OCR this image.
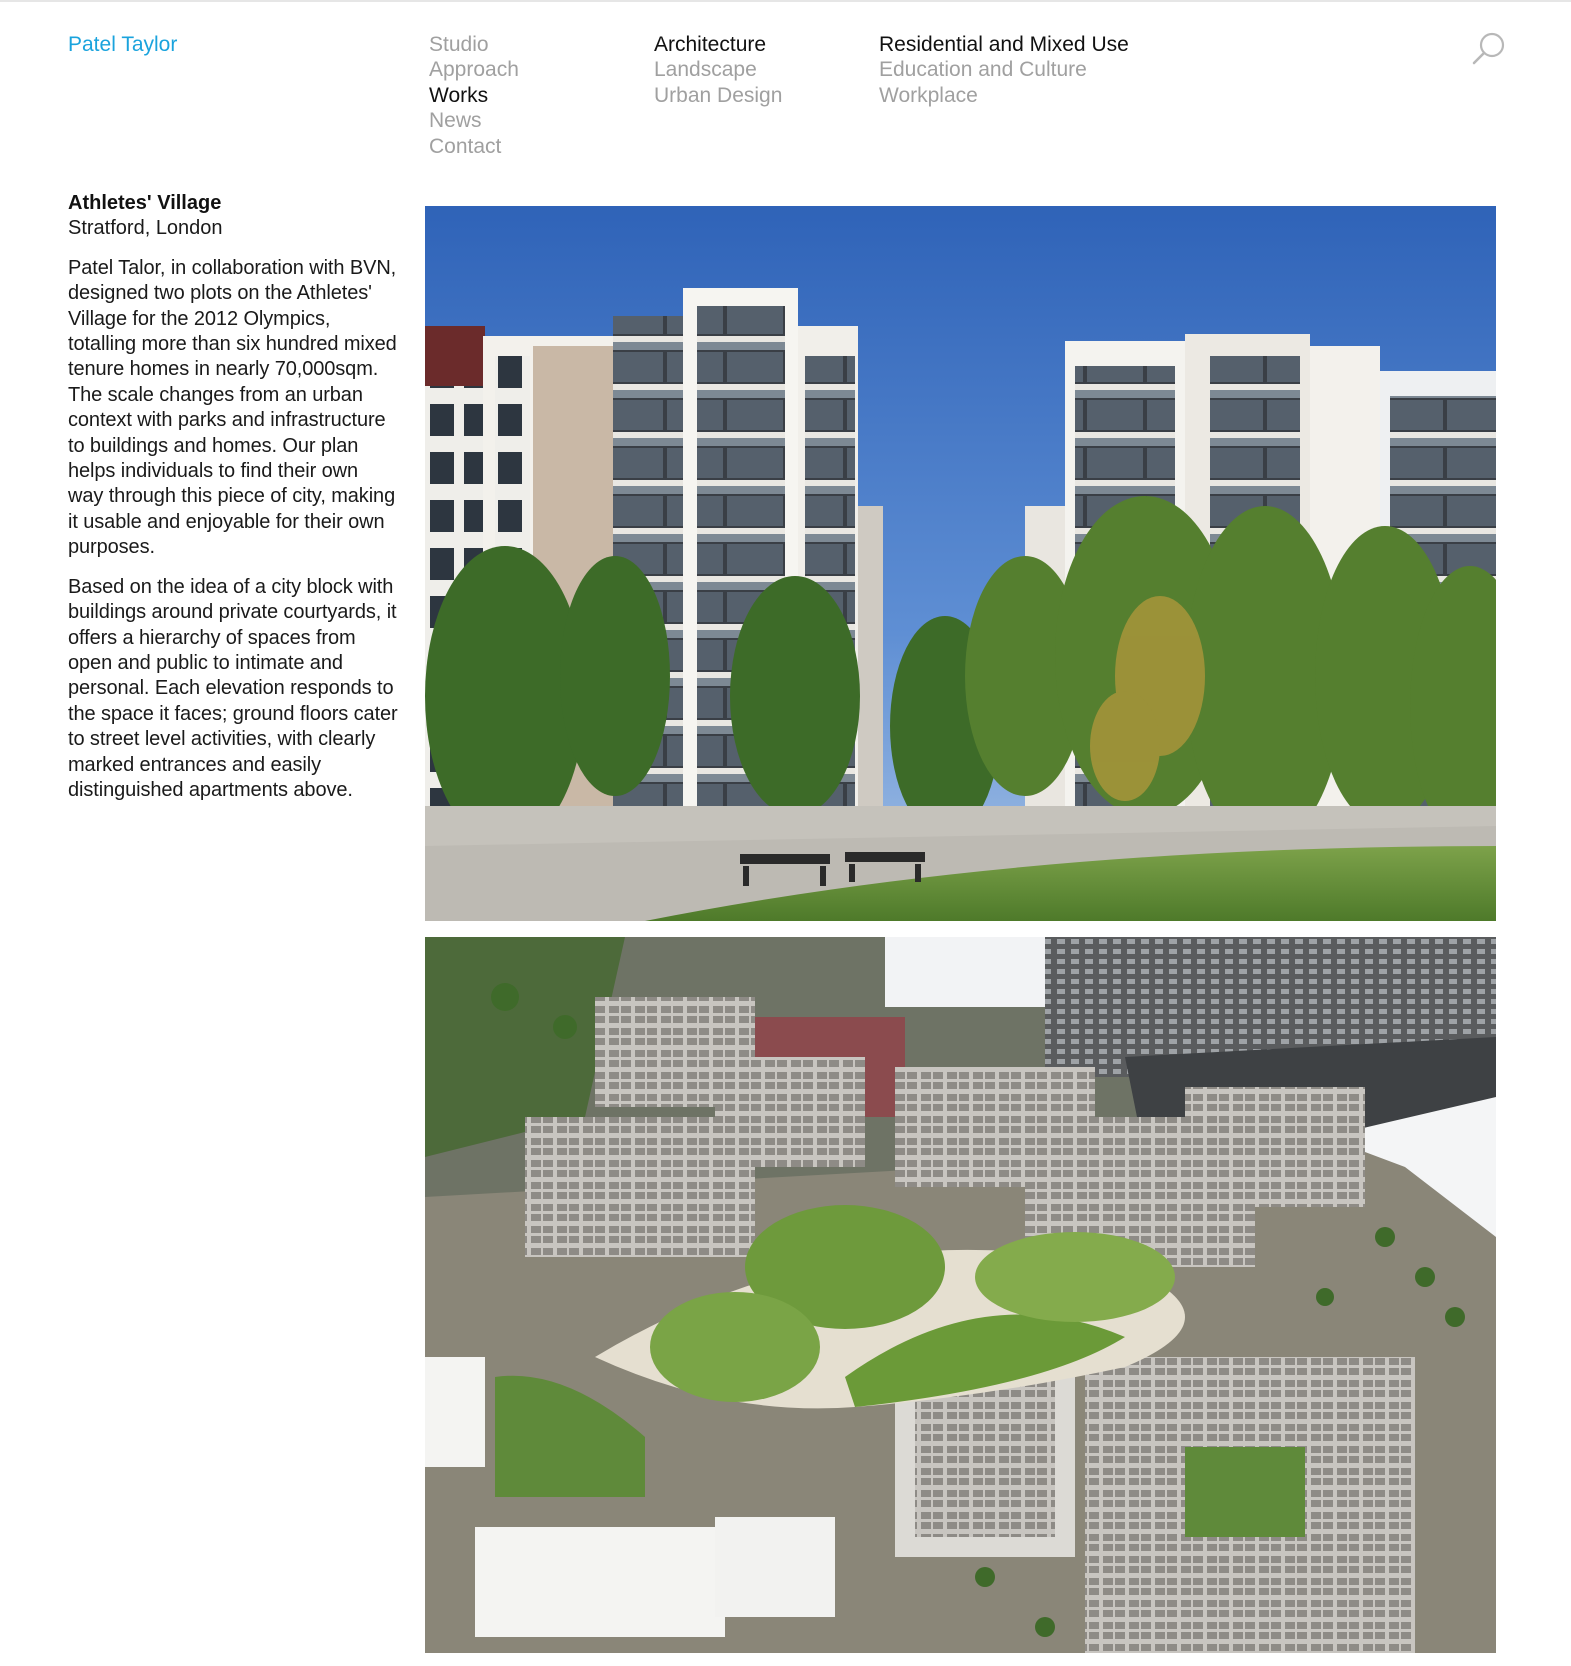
Patel Taylor	Studio
Approach
Works
News
Contact
Architecture
Landscape
Urban Design
Residential and Mixed Use
Education and Culture
Workplace

Athletes' Village

Stratford, London

Patel Talor, in collaboration with BVN, designed two plots on the Athletes' Village for the 2012 Olympics, totalling more than six hundred mixed tenure homes in nearly 70,000sqm. The scale changes from an urban context with parks and infrastructure to buildings and homes. Our plan helps individuals to find their own way through this piece of city, making it usable and enjoyable for their own purposes.

Based on the idea of a city block with buildings around private courtyards, it offers a hierarchy of spaces from open and public to intimate and personal. Each elevation responds to the space it faces; ground floors cater to street level activities, with clearly marked entrances and easily distinguished apartments above.
